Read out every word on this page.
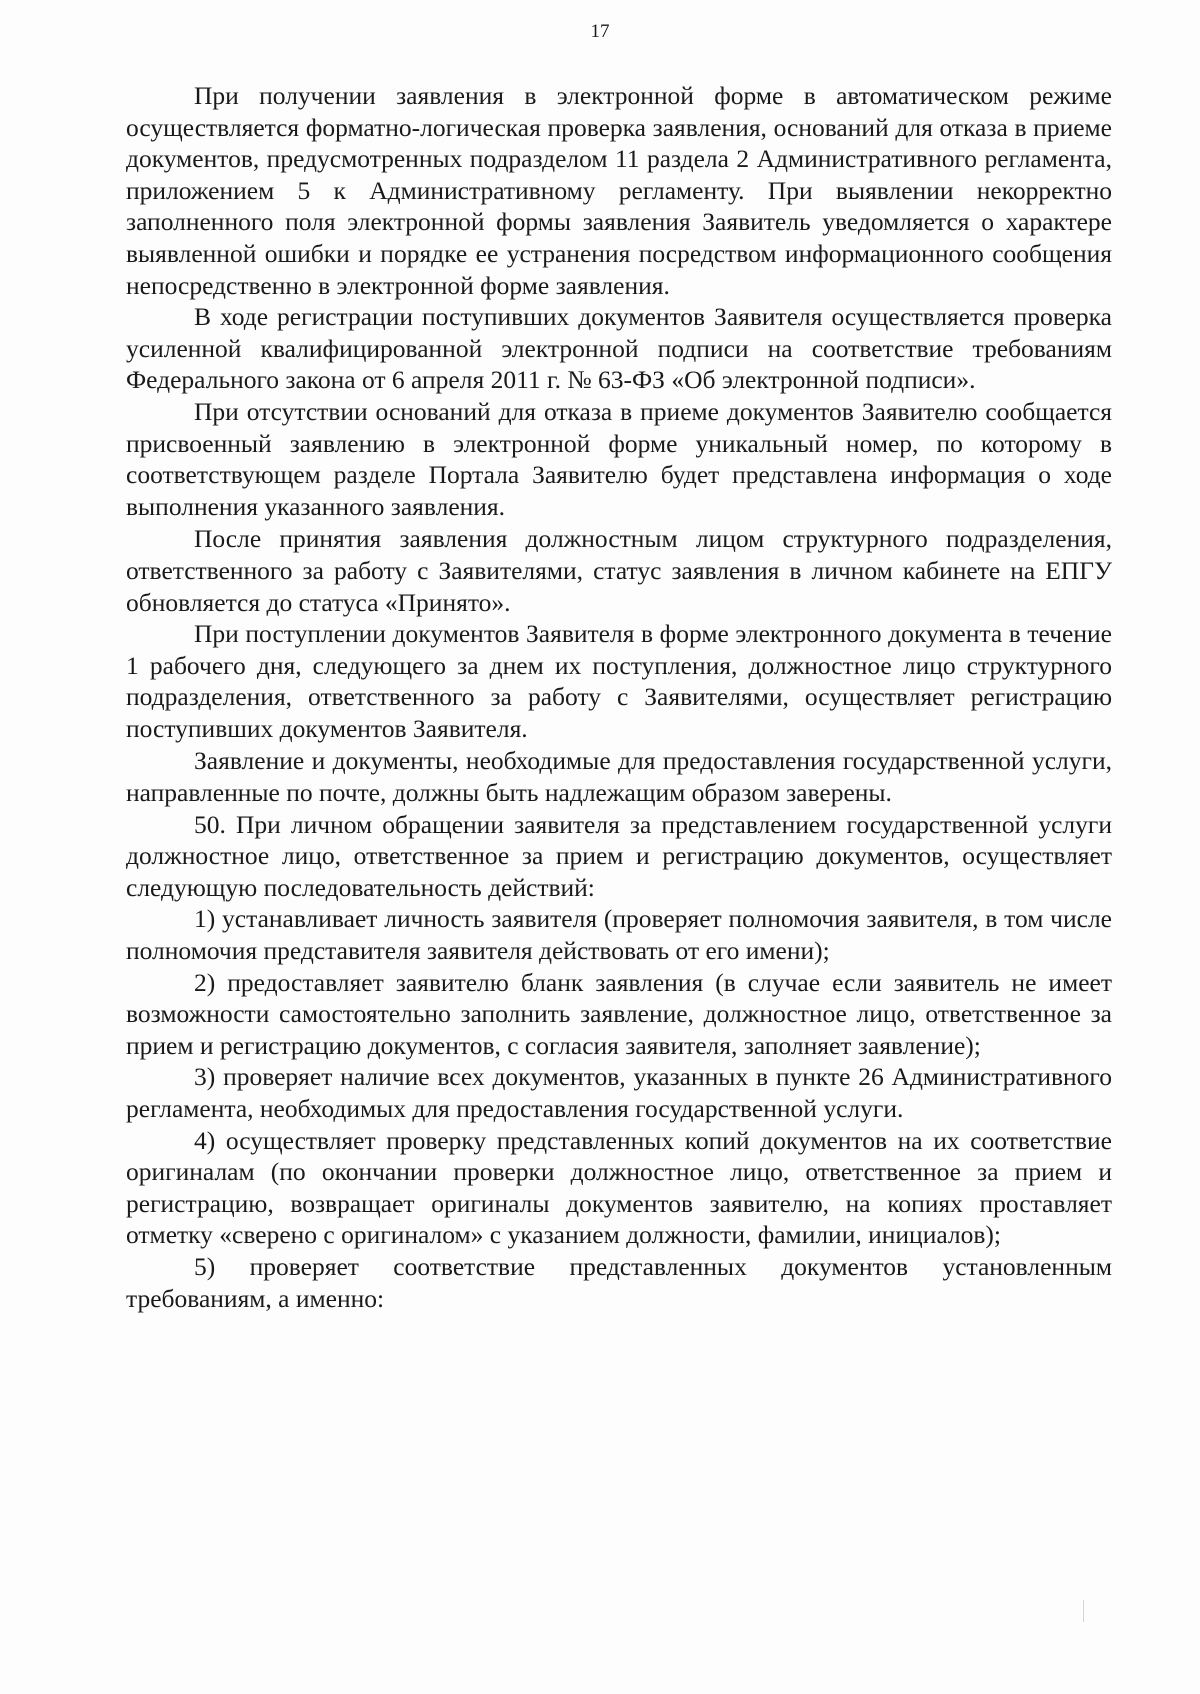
17

При получении заявления в электронной форме в автоматическом режиме осуществляется форматно-логическая проверка заявления, оснований для отказа в приеме документов, предусмотренных подразделом 11 раздела 2 Административного регламента, приложением 5 к Административному регламенту. При выявлении некорректно заполненного поля электронной формы заявления Заявитель уведомляется о характере выявленной ошибки и порядке ее устранения посредством информационного сообщения непосредственно в электронной форме заявления.

В ходе регистрации поступивших документов Заявителя осуществляется проверка усиленной квалифицированной электронной подписи на соответствие требованиям Федерального закона от 6 апреля 2011 г. № 63-ФЗ «Об электронной подписи».

При отсутствии оснований для отказа в приеме документов Заявителю сообщается присвоенный заявлению в электронной форме уникальный номер, по которому в соответствующем разделе Портала Заявителю будет представлена информация о ходе выполнения указанного заявления.

После принятия заявления должностным лицом структурного подразделения, ответственного за работу с Заявителями, статус заявления в личном кабинете на ЕПГУ обновляется до статуса «Принято».

При поступлении документов Заявителя в форме электронного документа в течение 1 рабочего дня, следующего за днем их поступления, должностное лицо структурного подразделения, ответственного за работу с Заявителями, осуществляет регистрацию поступивших документов Заявителя.

Заявление и документы, необходимые для предоставления государственной услуги, направленные по почте, должны быть надлежащим образом заверены.

50. При личном обращении заявителя за представлением государственной услуги должностное лицо, ответственное за прием и регистрацию документов, осуществляет следующую последовательность действий:

1) устанавливает личность заявителя (проверяет полномочия заявителя, в том числе полномочия представителя заявителя действовать от его имени);

2) предоставляет заявителю бланк заявления (в случае если заявитель не имеет возможности самостоятельно заполнить заявление, должностное лицо, ответственное за прием и регистрацию документов, с согласия заявителя, заполняет заявление);

3) проверяет наличие всех документов, указанных в пункте 26 Административного регламента, необходимых для предоставления государственной услуги.

4) осуществляет проверку представленных копий документов на их соответствие оригиналам (по окончании проверки должностное лицо, ответственное за прием и регистрацию, возвращает оригиналы документов заявителю, на копиях проставляет отметку «сверено с оригиналом» с указанием должности, фамилии, инициалов);

5) проверяет соответствие представленных документов установленным требованиям, а именно:
